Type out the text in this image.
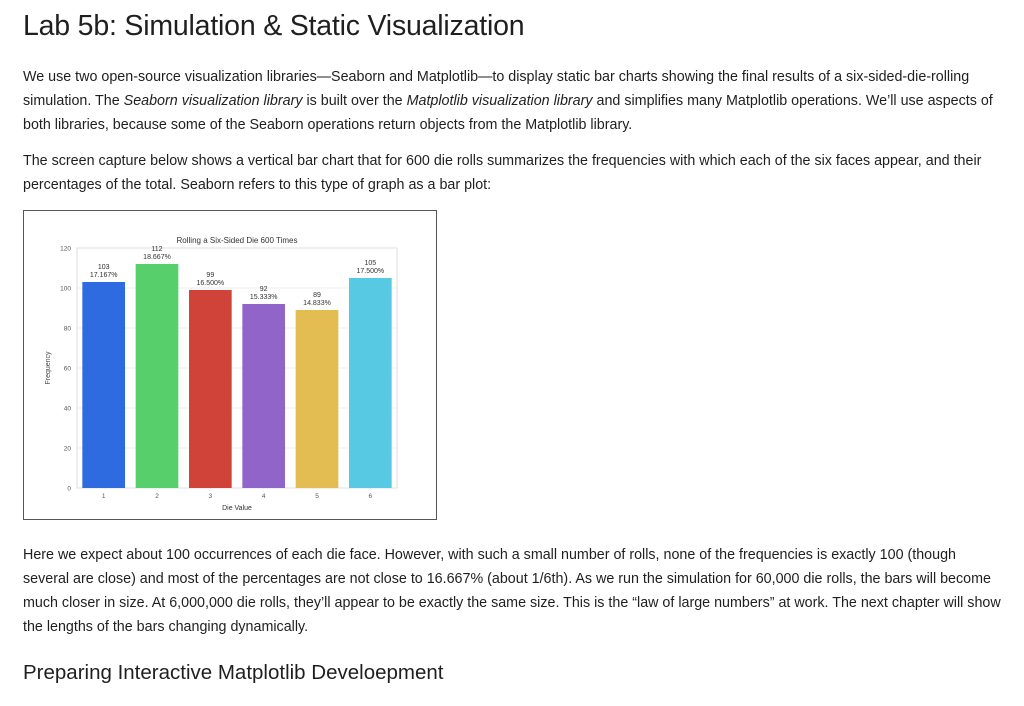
Lab 5b: Simulation & Static Visualization

We use two open-source visualization libraries—Seaborn and Matplotlib—to display static bar charts showing the final results of a six-sided-die-rolling simulation. The Seaborn visualization library is built over the Matplotlib visualization library and simplifies many Matplotlib operations. We’ll use aspects of both libraries, because some of the Seaborn operations return objects from the Matplotlib library.

The screen capture below shows a vertical bar chart that for 600 die rolls summarizes the frequencies with which each of the six faces appear, and their percentages of the total. Seaborn refers to this type of graph as a bar plot:

0
20
40
60
80
100
120
103
17.167%
1
112
18.667%
2
99
16.500%
3
92
15.333%
4
89
14.833%
5
105
17.500%
6
Rolling a Six-Sided Die 600 Times
Die Value
Frequency

Here we expect about 100 occurrences of each die face. However, with such a small number of rolls, none of the frequencies is exactly 100 (though several are close) and most of the percentages are not close to 16.667% (about 1/6th). As we run the simulation for 60,000 die rolls, the bars will become much closer in size. At 6,000,000 die rolls, they’ll appear to be exactly the same size. This is the “law of large numbers” at work. The next chapter will show the lengths of the bars changing dynamically.

Preparing Interactive Matplotlib Develoepment
